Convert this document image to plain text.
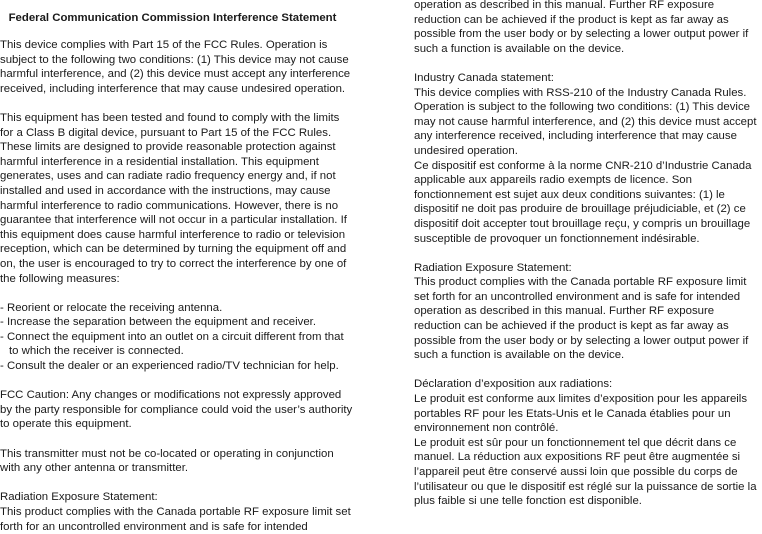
Federal Communication Commission Interference Statement

This device complies with Part 15 of the FCC Rules. Operation is subject to the following two conditions: (1) This device may not cause harmful interference, and (2) this device must accept any interference received, including interference that may cause undesired operation.

This equipment has been tested and found to comply with the limits for a Class B digital device, pursuant to Part 15 of the FCC Rules. These limits are designed to provide reasonable protection against harmful interference in a residential installation. This equipment generates, uses and can radiate radio frequency energy and, if not installed and used in accordance with the instructions, may cause harmful interference to radio communications. However, there is no guarantee that interference will not occur in a particular installation. If this equipment does cause harmful interference to radio or television reception, which can be determined by turning the equipment off and on, the user is encouraged to try to correct the interference by one of the following measures:

- Reorient or relocate the receiving antenna.
- Increase the separation between the equipment and receiver.
- Connect the equipment into an outlet on a circuit different from that to which the receiver is connected.
- Consult the dealer or an experienced radio/TV technician for help.

FCC Caution: Any changes or modifications not expressly approved by the party responsible for compliance could void the user’s authority to operate this equipment.

This transmitter must not be co-located or operating in conjunction with any other antenna or transmitter.

Radiation Exposure Statement:

This product complies with the Canada portable RF exposure limit set forth for an uncontrolled environment and is safe for intended

operation as described in this manual. Further RF exposure reduction can be achieved if the product is kept as far away as possible from the user body or by selecting a lower output power if such a function is available on the device.

Industry Canada statement:

This device complies with RSS-210 of the Industry Canada Rules. Operation is subject to the following two conditions: (1) This device may not cause harmful interference, and (2) this device must accept any interference received, including interference that may cause undesired operation.

Ce dispositif est conforme à la norme CNR-210 d’Industrie Canada applicable aux appareils radio exempts de licence. Son fonctionnement est sujet aux deux conditions suivantes: (1) le dispositif ne doit pas produire de brouillage préjudiciable, et (2) ce dispositif doit accepter tout brouillage reçu, y compris un brouillage susceptible de provoquer un fonctionnement indésirable.

Radiation Exposure Statement:

This product complies with the Canada portable RF exposure limit set forth for an uncontrolled environment and is safe for intended operation as described in this manual. Further RF exposure reduction can be achieved if the product is kept as far away as possible from the user body or by selecting a lower output power if such a function is available on the device.

Déclaration d’exposition aux radiations:

Le produit est conforme aux limites d’exposition pour les appareils portables RF pour les Etats-Unis et le Canada établies pour un environnement non contrôlé.

Le produit est sûr pour un fonctionnement tel que décrit dans ce manuel. La réduction aux expositions RF peut être augmentée si l’appareil peut être conservé aussi loin que possible du corps de l’utilisateur ou que le dispositif est réglé sur la puissance de sortie la plus faible si une telle fonction est disponible.
